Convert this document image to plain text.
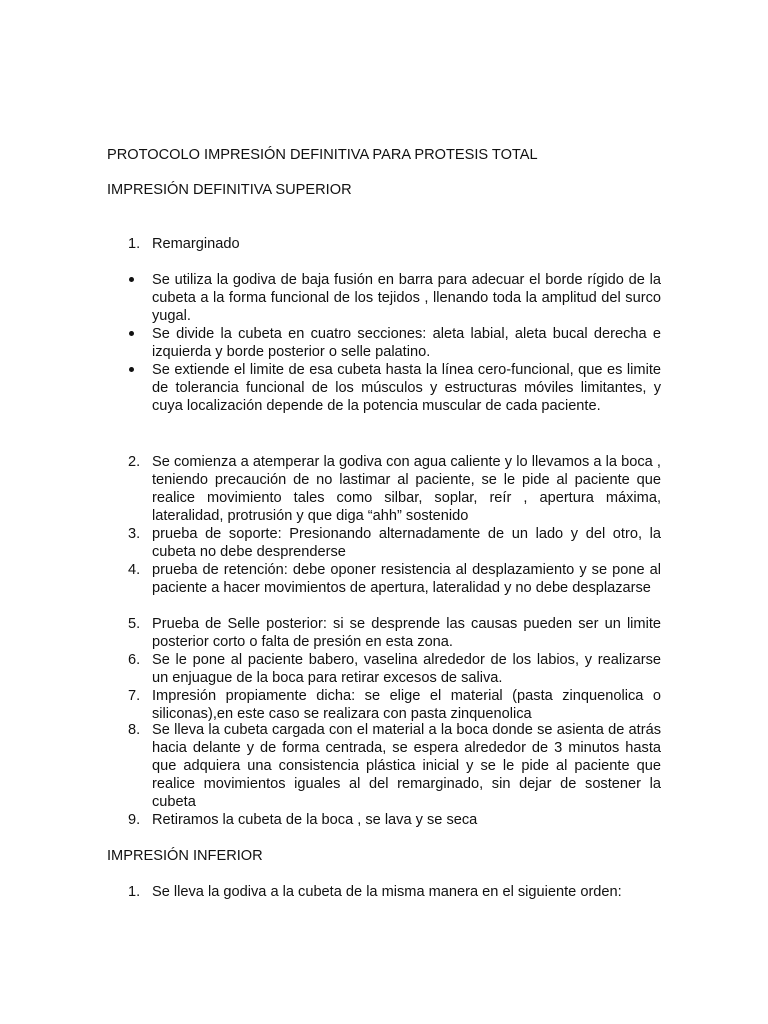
PROTOCOLO IMPRESIÓN DEFINITIVA PARA PROTESIS TOTAL
IMPRESIÓN DEFINITIVA SUPERIOR
1. Remarginado
Se utiliza la godiva de baja fusión en barra para adecuar el borde rígido de la cubeta a la forma funcional de los tejidos , llenando toda la amplitud del surco yugal.
Se divide la cubeta en cuatro secciones: aleta labial, aleta bucal derecha e izquierda y borde posterior o selle palatino.
Se extiende el limite de esa cubeta hasta la línea cero-funcional, que es limite de tolerancia funcional de los músculos y estructuras móviles limitantes, y cuya localización depende de la potencia muscular de cada paciente.
2. Se comienza a atemperar la godiva con agua caliente y lo llevamos a la boca , teniendo precaución de no lastimar al paciente, se le pide al paciente que realice movimiento tales como silbar, soplar, reír , apertura máxima, lateralidad, protrusión y que diga “ahh” sostenido
3. prueba de soporte: Presionando alternadamente de un lado y del otro, la cubeta no debe desprenderse
4. prueba de retención: debe oponer resistencia al desplazamiento y se pone al paciente a hacer movimientos de apertura, lateralidad y no debe desplazarse
5. Prueba de Selle posterior: si se desprende las causas pueden ser un limite posterior corto o falta de presión en esta zona.
6. Se le pone al paciente babero, vaselina alrededor de los labios, y realizarse un enjuague de la boca para retirar excesos de saliva.
7. Impresión propiamente dicha: se elige el material (pasta zinquenolica o siliconas),en este caso se realizara con pasta zinquenolica
8. Se lleva la cubeta cargada con el material a la boca donde se asienta de atrás hacia delante y de forma centrada, se espera alrededor de 3 minutos hasta que adquiera una consistencia plástica inicial y se le pide al paciente que realice movimientos iguales al del remarginado, sin dejar de sostener la cubeta
9. Retiramos la cubeta de la boca , se lava y se seca
IMPRESIÓN INFERIOR
1. Se lleva la godiva a la cubeta de la misma manera en el siguiente orden:
